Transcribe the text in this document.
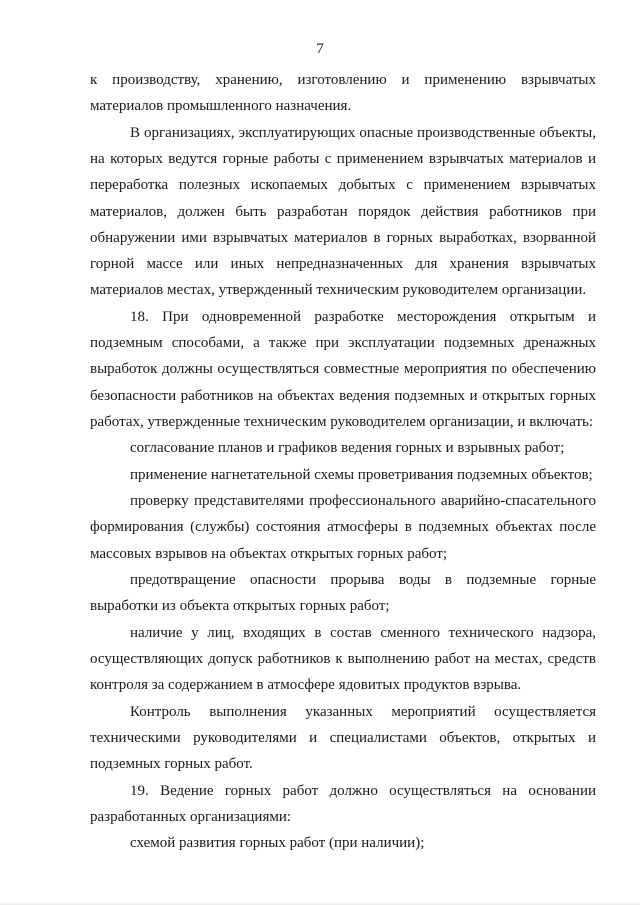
7
к производству, хранению, изготовлению и применению взрывчатых
материалов промышленного назначения.
В организациях, эксплуатирующих опасные производственные объекты,
на которых ведутся горные работы с применением взрывчатых материалов и
переработка полезных ископаемых добытых с применением взрывчатых
материалов, должен быть разработан порядок действия работников при
обнаружении ими взрывчатых материалов в горных выработках, взорванной
горной массе или иных непредназначенных для хранения взрывчатых
материалов местах, утвержденный техническим руководителем организации.
18. При одновременной разработке месторождения открытым и
подземным способами, а также при эксплуатации подземных дренажных
выработок должны осуществляться совместные мероприятия по обеспечению
безопасности работников на объектах ведения подземных и открытых горных
работах, утвержденные техническим руководителем организации, и включать:
согласование планов и графиков ведения горных и взрывных работ;
применение нагнетательной схемы проветривания подземных объектов;
проверку представителями профессионального аварийно-спасательного
формирования (службы) состояния атмосферы в подземных объектах после
массовых взрывов на объектах открытых горных работ;
предотвращение опасности прорыва воды в подземные горные
выработки из объекта открытых горных работ;
наличие у лиц, входящих в состав сменного технического надзора,
осуществляющих допуск работников к выполнению работ на местах, средств
контроля за содержанием в атмосфере ядовитых продуктов взрыва.
Контроль выполнения указанных мероприятий осуществляется
техническими руководителями и специалистами объектов, открытых и
подземных горных работ.
19. Ведение горных работ должно осуществляться на основании
разработанных организациями:
схемой развития горных работ (при наличии);
